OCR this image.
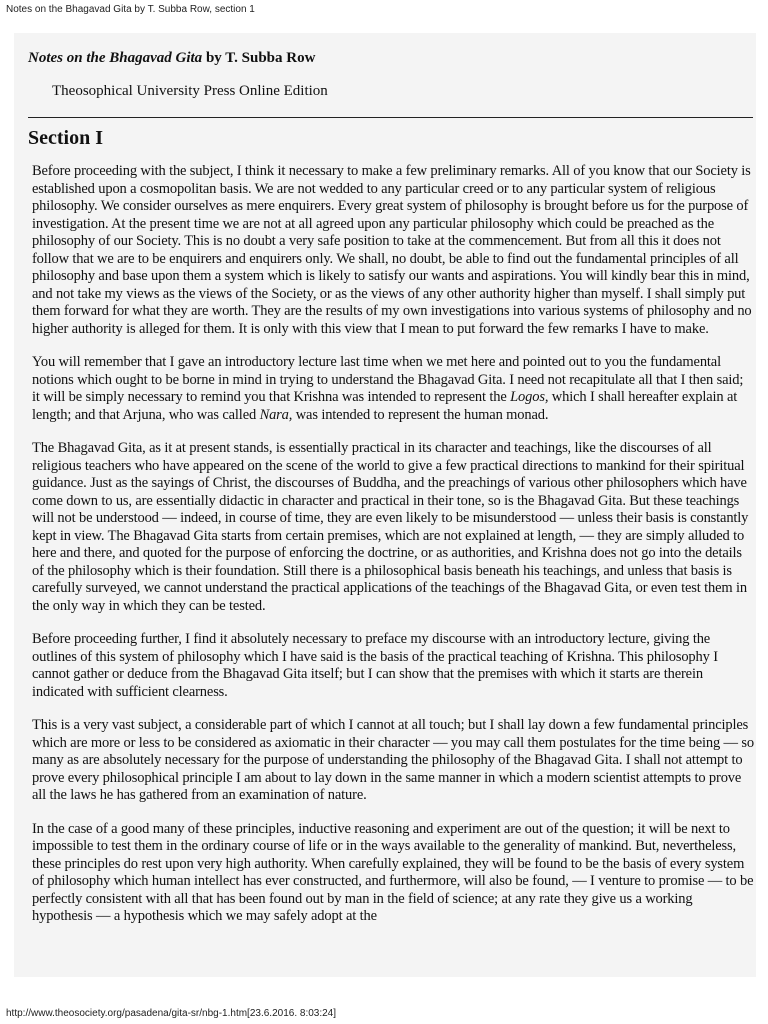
Notes on the Bhagavad Gita by T. Subba Row, section 1
Notes on the Bhagavad Gita by T. Subba Row
Theosophical University Press Online Edition
Section I

Before proceeding with the subject, I think it necessary to make a few preliminary remarks. All of you know that our Society is established upon a cosmopolitan basis. We are not wedded to any particular creed or to any particular system of religious philosophy. We consider ourselves as mere enquirers. Every great system of philosophy is brought before us for the purpose of investigation. At the present time we are not at all agreed upon any particular philosophy which could be preached as the philosophy of our Society. This is no doubt a very safe position to take at the commencement. But from all this it does not follow that we are to be enquirers and enquirers only. We shall, no doubt, be able to find out the fundamental principles of all philosophy and base upon them a system which is likely to satisfy our wants and aspirations. You will kindly bear this in mind, and not take my views as the views of the Society, or as the views of any other authority higher than myself. I shall simply put them forward for what they are worth. They are the results of my own investigations into various systems of philosophy and no higher authority is alleged for them. It is only with this view that I mean to put forward the few remarks I have to make.

You will remember that I gave an introductory lecture last time when we met here and pointed out to you the fundamental notions which ought to be borne in mind in trying to understand the Bhagavad Gita. I need not recapitulate all that I then said; it will be simply necessary to remind you that Krishna was intended to represent the Logos, which I shall hereafter explain at length; and that Arjuna, who was called Nara, was intended to represent the human monad.

The Bhagavad Gita, as it at present stands, is essentially practical in its character and teachings, like the discourses of all religious teachers who have appeared on the scene of the world to give a few practical directions to mankind for their spiritual guidance. Just as the sayings of Christ, the discourses of Buddha, and the preachings of various other philosophers which have come down to us, are essentially didactic in character and practical in their tone, so is the Bhagavad Gita. But these teachings will not be understood — indeed, in course of time, they are even likely to be misunderstood — unless their basis is constantly kept in view. The Bhagavad Gita starts from certain premises, which are not explained at length, — they are simply alluded to here and there, and quoted for the purpose of enforcing the doctrine, or as authorities, and Krishna does not go into the details of the philosophy which is their foundation. Still there is a philosophical basis beneath his teachings, and unless that basis is carefully surveyed, we cannot understand the practical applications of the teachings of the Bhagavad Gita, or even test them in the only way in which they can be tested.

Before proceeding further, I find it absolutely necessary to preface my discourse with an introductory lecture, giving the outlines of this system of philosophy which I have said is the basis of the practical teaching of Krishna. This philosophy I cannot gather or deduce from the Bhagavad Gita itself; but I can show that the premises with which it starts are therein indicated with sufficient clearness.

This is a very vast subject, a considerable part of which I cannot at all touch; but I shall lay down a few fundamental principles which are more or less to be considered as axiomatic in their character — you may call them postulates for the time being — so many as are absolutely necessary for the purpose of understanding the philosophy of the Bhagavad Gita. I shall not attempt to prove every philosophical principle I am about to lay down in the same manner in which a modern scientist attempts to prove all the laws he has gathered from an examination of nature.

In the case of a good many of these principles, inductive reasoning and experiment are out of the question; it will be next to impossible to test them in the ordinary course of life or in the ways available to the generality of mankind. But, nevertheless, these principles do rest upon very high authority. When carefully explained, they will be found to be the basis of every system of philosophy which human intellect has ever constructed, and furthermore, will also be found, — I venture to promise — to be perfectly consistent with all that has been found out by man in the field of science; at any rate they give us a working hypothesis — a hypothesis which we may safely adopt at the

http://www.theosociety.org/pasadena/gita-sr/nbg-1.htm[23.6.2016. 8:03:24]
